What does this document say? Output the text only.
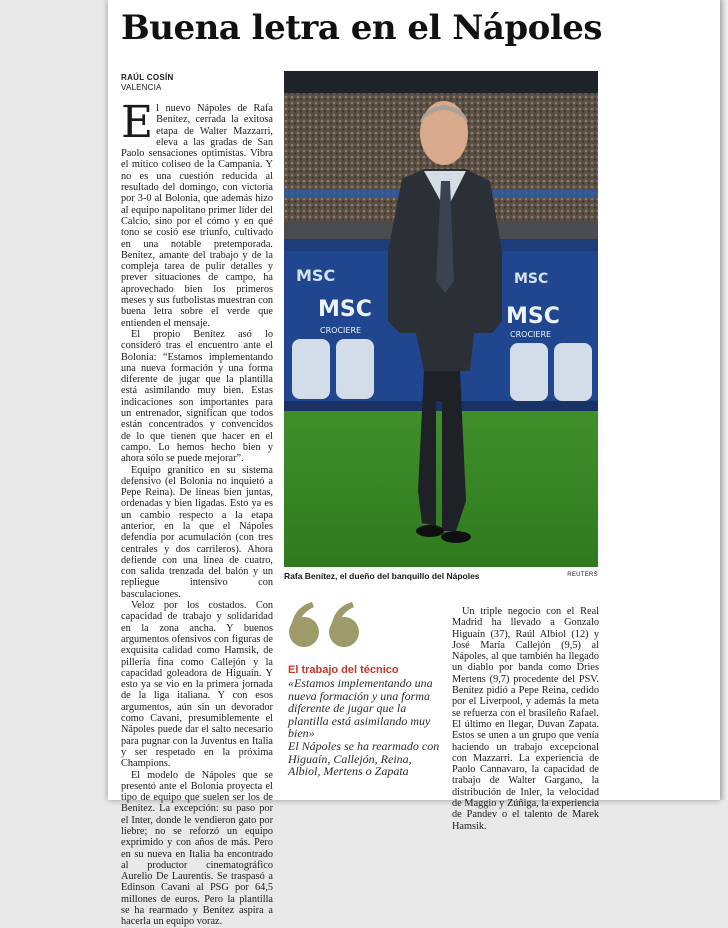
Buena letra en el Nápoles
RAÚL COSÍN
VALENCIA

El nuevo Nápoles de Rafa Benítez, cerrada la exitosa etapa de Walter Mazzarri, eleva a las gradas de San Paolo sensaciones optimistas. Vibra el mítico coliseo de la Campania. Y no es una cuestión reducida al resultado del domingo, con victoria por 3-0 al Bolonia, que además hizo al equipo napolitano primer líder del Calcio, sino por el cómo y en qué tono se cosió ese triunfo, cultivado en una notable pretemporada. Benítez, amante del trabajo y de la compleja tarea de pulir detalles y prever situaciones de campo, ha aprovechado bien los primeros meses y sus futbolistas muestran con buena letra sobre el verde que entienden el mensaje.

El propio Benítez asó lo consideró tras el encuentro ante el Bolonia: “Estamos implementando una nueva formación y una forma diferente de jugar que la plantilla está asimilando muy bien. Estas indicaciones son importantes para un entrenador, significan que todos están concentrados y convencidos de lo que tienen que hacer en el campo. Lo hemos hecho bien y ahora sólo se puede mejorar”.

Equipo granítico en su sistema defensivo (el Bolonia no inquietó a Pepe Reina). De líneas bien juntas, ordenadas y bien ligadas. Esto ya es un cambio respecto a la etapa anterior, en la que el Nápoles defendía por acumulación (con tres centrales y dos carrileros). Ahora defiende con una línea de cuatro, con salida trenzada del balón y un repliegue intensivo con basculaciones.

Veloz por los costados. Con capacidad de trabajo y solidaridad en la zona ancha. Y buenos argumentos ofensivos con figuras de exquisita calidad como Hamsik, de pillería fina como Callejón y la capacidad goleadora de Higuaín. Y esto ya se vio en la primera jornada de la liga italiana. Y con esos argumentos, aún sin un devorador como Cavani, presumiblemente el Nápoles puede dar el salto necesario para pugnar con la Juventus en Italia y ser respetado en la próxima Champions.

El modelo de Nápoles que se presentó ante el Bolonia proyecta el tipo de equipo que suelen ser los de Benítez. La excepción: su paso por el Inter, donde le vendieron gato por liebre; no se reforzó un equipo exprimido y con años de más. Pero en su nueva en Italia ha encontrado al productor cinematográfico Aurelio De Laurentis. Se traspasó a Edinson Cavani al PSG por 64,5 millones de euros. Pero la plantilla se ha rearmado y Benítez aspira a hacerla un equipo voraz.

MSC	MSC
MSC	MSC
CROCIERE	CROCIERE
Rafa Benítez, el dueño del banquillo del Nápoles	REUTERS
El trabajo del técnico
«Estamos implementando una nueva formación y una forma diferente de jugar que la plantilla está asimilando muy bien»
El Nápoles se ha rearmado con Higuaín, Callejón, Reina, Albiol, Mertens o Zapata

Un triple negocio con el Real Madrid ha llevado a Gonzalo Higuaín (37), Raúl Albiol (12) y José María Callejón (9,5) al Nápoles, al que también ha llegado un diablo por banda como Dries Mertens (9,7) procedente del PSV. Benítez pidió a Pepe Reina, cedido por el Liverpool, y además la meta se refuerza con el brasileño Rafael. El último en llegar, Duvan Zapata. Estos se unen a un grupo que venía haciendo un trabajo excepcional con Mazzarri. La experiencia de Paolo Cannavaro, la capacidad de trabajo de Walter Gargano, la distribución de Inler, la velocidad de Maggio y Zúñiga, la experiencia de Pandev o el talento de Marek Hamsik.
